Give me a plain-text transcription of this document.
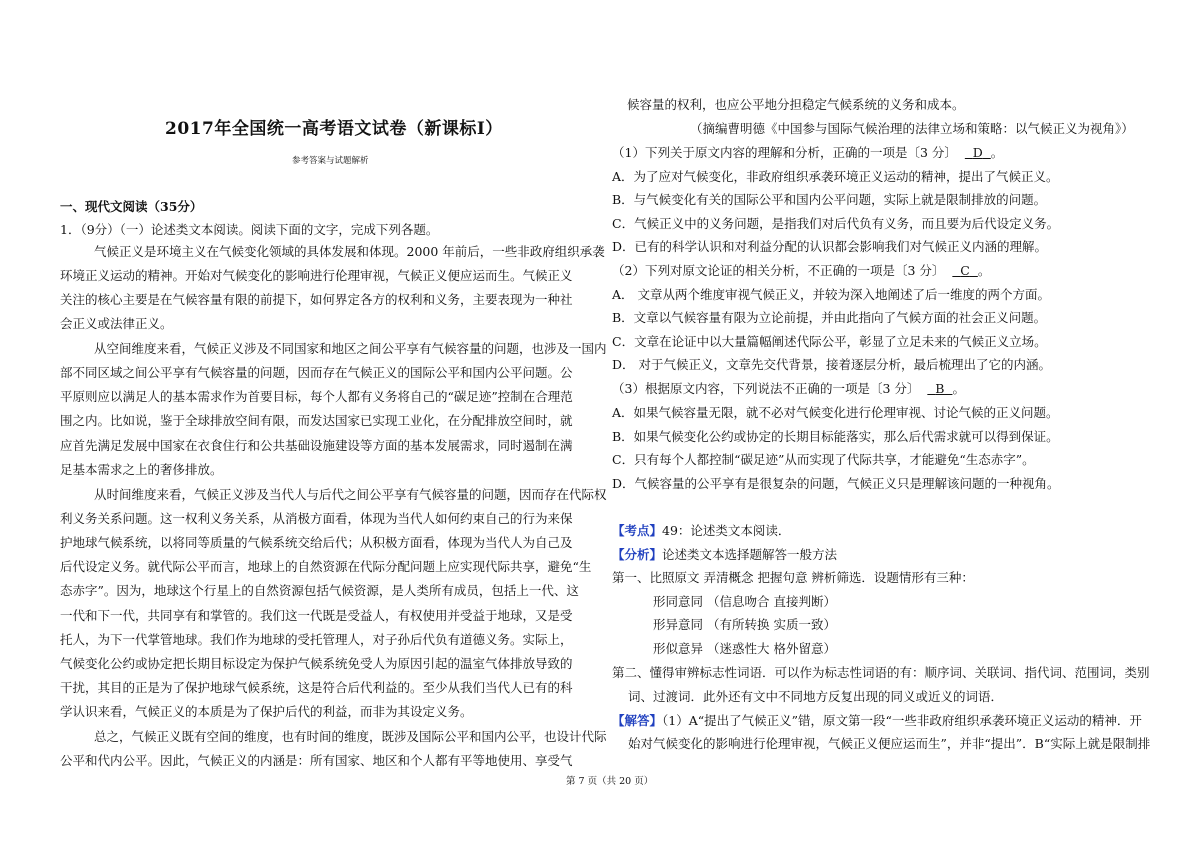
2017年全国统一高考语文试卷（新课标Ⅰ）
参考答案与试题解析
一、现代文阅读（35分）
1．（9分）（一）论述类文本阅读。阅读下面的文字，完成下列各题。
气候正义是环境主义在气候变化领域的具体发展和体现。2000 年前后，一些非政府组织承袭
环境正义运动的精神。开始对气候变化的影响进行伦理审视，气候正义便应运而生。气候正义
关注的核心主要是在气候容量有限的前提下，如何界定各方的权利和义务，主要表现为一种社
会正义或法律正义。
从空间维度来看，气候正义涉及不同国家和地区之间公平享有气候容量的问题，也涉及一国内
部不同区域之间公平享有气候容量的问题，因而存在气候正义的国际公平和国内公平问题。公
平原则应以满足人的基本需求作为首要目标，每个人都有义务将自己的“碳足迹”控制在合理范
围之内。比如说，鉴于全球排放空间有限，而发达国家已实现工业化，在分配排放空间时，就
应首先满足发展中国家在衣食住行和公共基础设施建设等方面的基本发展需求，同时遏制在满
足基本需求之上的奢侈排放。
从时间维度来看，气候正义涉及当代人与后代之间公平享有气候容量的问题，因而存在代际权
利义务关系问题。这一权利义务关系，从消极方面看，体现为当代人如何约束自己的行为来保
护地球气候系统，以将同等质量的气候系统交给后代；从积极方面看，体现为当代人为自己及
后代设定义务。就代际公平而言，地球上的自然资源在代际分配问题上应实现代际共享，避免“生
态赤字”。因为，地球这个行星上的自然资源包括气候资源，是人类所有成员，包括上一代、这
一代和下一代，共同享有和掌管的。我们这一代既是受益人，有权使用并受益于地球，又是受
托人，为下一代掌管地球。我们作为地球的受托管理人，对子孙后代负有道德义务。实际上，
气候变化公约或协定把长期目标设定为保护气候系统免受人为原因引起的温室气体排放导致的
干扰，其目的正是为了保护地球气候系统，这是符合后代利益的。至少从我们当代人已有的科
学认识来看，气候正义的本质是为了保护后代的利益，而非为其设定义务。
总之，气候正义既有空间的维度，也有时间的维度，既涉及国际公平和国内公平，也设计代际
公平和代内公平。因此，气候正义的内涵是：所有国家、地区和个人都有平等地使用、享受气
候容量的权利，也应公平地分担稳定气候系统的义务和成本。
（摘编曹明德《中国参与国际气候治理的法律立场和策略：以气候正义为视角》）
（1）下列关于原文内容的理解和分析，正确的一项是〔3 分〕 D 。
A．为了应对气候变化，非政府组织承袭环境正义运动的精神，提出了气候正义。
B．与气候变化有关的国际公平和国内公平问题，实际上就是限制排放的问题。
C．气候正义中的义务问题，是指我们对后代负有义务，而且要为后代设定义务。
D．已有的科学认识和对利益分配的认识都会影响我们对气候正义内涵的理解。
（2）下列对原文论证的相关分析，不正确的一项是〔3 分〕 C 。
A． 文章从两个维度审视气候正义，并较为深入地阐述了后一维度的两个方面。
B．文章以气候容量有限为立论前提，并由此指向了气候方面的社会正义问题。
C．文章在论证中以大量篇幅阐述代际公平，彰显了立足未来的气候正义立场。
D． 对于气候正义，文章先交代背景，接着逐层分析，最后梳理出了它的内涵。
（3）根据原文内容，下列说法不正确的一项是〔3 分〕 B 。
A．如果气候容量无限，就不必对气候变化进行伦理审视、讨论气候的正义问题。
B．如果气候变化公约或协定的长期目标能落实，那么后代需求就可以得到保证。
C．只有每个人都控制“碳足迹”从而实现了代际共享，才能避免“生态赤字”。
D．气候容量的公平享有是很复杂的问题，气候正义只是理解该问题的一种视角。
【考点】49：论述类文本阅读．
【分析】论述类文本选择题解答一般方法
第一、比照原文 弄清概念 把握句意 辨析筛选．设题情形有三种：
形同意同 （信息吻合 直接判断）
形异意同 （有所转换 实质一致）
形似意异 （迷惑性大 格外留意）
第二、懂得审辨标志性词语．可以作为标志性词语的有：顺序词、关联词、指代词、范围词，类别
词、过渡词．此外还有文中不同地方反复出现的同义或近义的词语．
【解答】（1）A“提出了气候正义”错，原文第一段“一些非政府组织承袭环境正义运动的精神．开
始对气候变化的影响进行伦理审视，气候正义便应运而生”，并非“提出”．B“实际上就是限制排
第 7 页（共 20 页）
